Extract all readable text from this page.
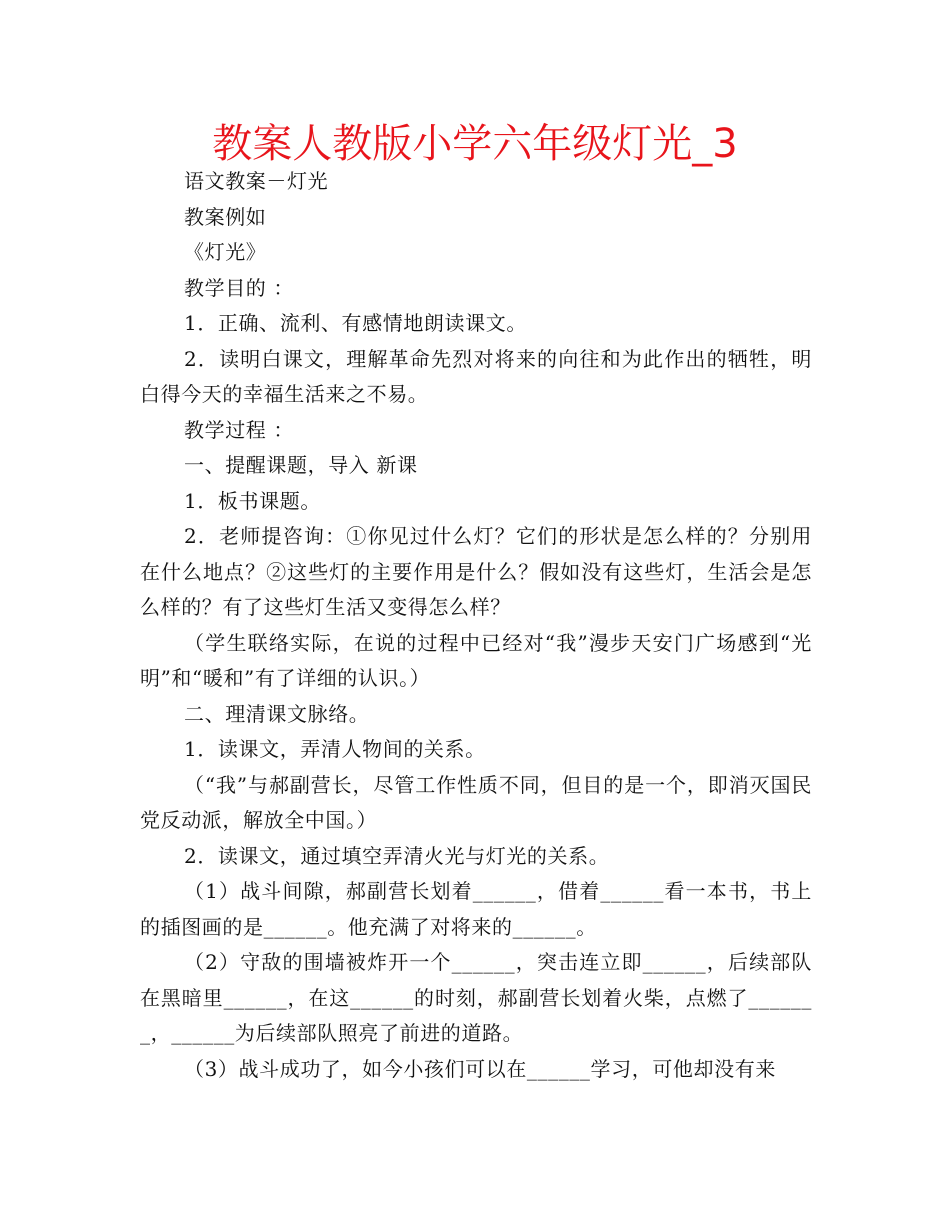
教案人教版小学六年级灯光_3

语文教案－灯光

教案例如

《灯光》

教学目的 ：

1．正确、流利、有感情地朗读课文。

2．读明白课文，理解革命先烈对将来的向往和为此作出的牺牲，明白得今天的幸福生活来之不易。

教学过程 ：

一、提醒课题，导入 新课

1．板书课题。

2．老师提咨询：①你见过什么灯？它们的形状是怎么样的？分别用在什么地点？②这些灯的主要作用是什么？假如没有这些灯，生活会是怎么样的？有了这些灯生活又变得怎么样？

（学生联络实际，在说的过程中已经对“我”漫步天安门广场感到“光明”和“暖和”有了详细的认识。）

二、理清课文脉络。

1．读课文，弄清人物间的关系。

（“我”与郝副营长，尽管工作性质不同，但目的是一个，即消灭国民党反动派，解放全中国。）

2．读课文，通过填空弄清火光与灯光的关系。

（1）战斗间隙，郝副营长划着______，借着______看一本书，书上的插图画的是______。他充满了对将来的______。

（2）守敌的围墙被炸开一个______，突击连立即______，后续部队在黑暗里______，在这______的时刻，郝副营长划着火柴，点燃了_______，______为后续部队照亮了前进的道路。

（3）战斗成功了，如今小孩们可以在______学习，可他却没有来
